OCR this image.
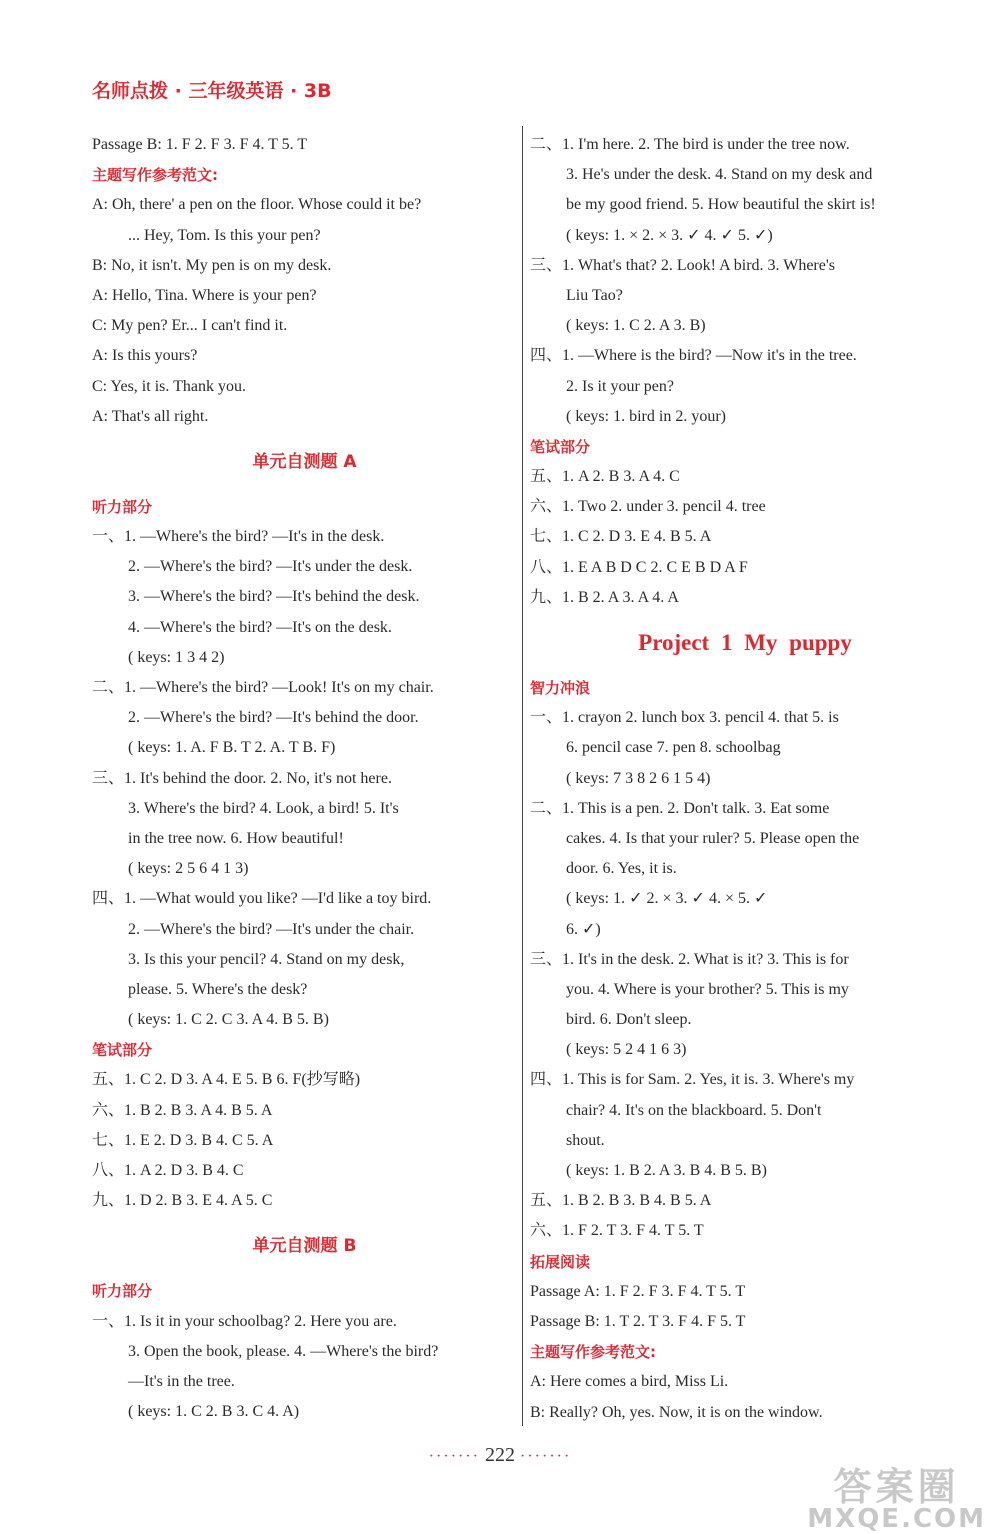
名师点拨 · 三年级英语 · 3B
Passage B: 1. F 2. F 3. F 4. T 5. T
主题写作参考范文:
A: Oh, there' a pen on the floor. Whose could it be?
... Hey, Tom. Is this your pen?
B: No, it isn't. My pen is on my desk.
A: Hello, Tina. Where is your pen?
C: My pen? Er... I can't find it.
A: Is this yours?
C: Yes, it is. Thank you.
A: That's all right.
单元自测题 A
听力部分
一、1. —Where's the bird? —It's in the desk.
2. —Where's the bird? —It's under the desk.
3. —Where's the bird? —It's behind the desk.
4. —Where's the bird? —It's on the desk.
( keys: 1 3 4 2)
二、1. —Where's the bird? —Look! It's on my chair.
2. —Where's the bird? —It's behind the door.
( keys: 1. A. F B. T 2. A. T B. F)
三、1. It's behind the door. 2. No, it's not here.
3. Where's the bird? 4. Look, a bird! 5. It's
in the tree now. 6. How beautiful!
( keys: 2 5 6 4 1 3)
四、1. —What would you like? —I'd like a toy bird.
2. —Where's the bird? —It's under the chair.
3. Is this your pencil? 4. Stand on my desk,
please. 5. Where's the desk?
( keys: 1. C 2. C 3. A 4. B 5. B)
笔试部分
五、1. C 2. D 3. A 4. E 5. B 6. F(抄写略)
六、1. B 2. B 3. A 4. B 5. A
七、1. E 2. D 3. B 4. C 5. A
八、1. A 2. D 3. B 4. C
九、1. D 2. B 3. E 4. A 5. C
单元自测题 B
听力部分
一、1. Is it in your schoolbag? 2. Here you are.
3. Open the book, please. 4. —Where's the bird?
—It's in the tree.
( keys: 1. C 2. B 3. C 4. A)
二、1. I'm here. 2. The bird is under the tree now.
3. He's under the desk. 4. Stand on my desk and
be my good friend. 5. How beautiful the skirt is!
( keys: 1. × 2. × 3. ✓ 4. ✓ 5. ✓)
三、1. What's that? 2. Look! A bird. 3. Where's
Liu Tao?
( keys: 1. C 2. A 3. B)
四、1. —Where is the bird? —Now it's in the tree.
2. Is it your pen?
( keys: 1. bird in 2. your)
笔试部分
五、1. A 2. B 3. A 4. C
六、1. Two 2. under 3. pencil 4. tree
七、1. C 2. D 3. E 4. B 5. A
八、1. E A B D C 2. C E B D A F
九、1. B 2. A 3. A 4. A
Project 1 My puppy
智力冲浪
一、1. crayon 2. lunch box 3. pencil 4. that 5. is
6. pencil case 7. pen 8. schoolbag
( keys: 7 3 8 2 6 1 5 4)
二、1. This is a pen. 2. Don't talk. 3. Eat some
cakes. 4. Is that your ruler? 5. Please open the
door. 6. Yes, it is.
( keys: 1. ✓ 2. × 3. ✓ 4. × 5. ✓
6. ✓)
三、1. It's in the desk. 2. What is it? 3. This is for
you. 4. Where is your brother? 5. This is my
bird. 6. Don't sleep.
( keys: 5 2 4 1 6 3)
四、1. This is for Sam. 2. Yes, it is. 3. Where's my
chair? 4. It's on the blackboard. 5. Don't
shout.
( keys: 1. B 2. A 3. B 4. B 5. B)
五、1. B 2. B 3. B 4. B 5. A
六、1. F 2. T 3. F 4. T 5. T
拓展阅读
Passage A: 1. F 2. F 3. F 4. T 5. T
Passage B: 1. T 2. T 3. F 4. F 5. T
主题写作参考范文:
A: Here comes a bird, Miss Li.
B: Really? Oh, yes. Now, it is on the window.
······· 222 ·······
答案圈
MXQE.COM
